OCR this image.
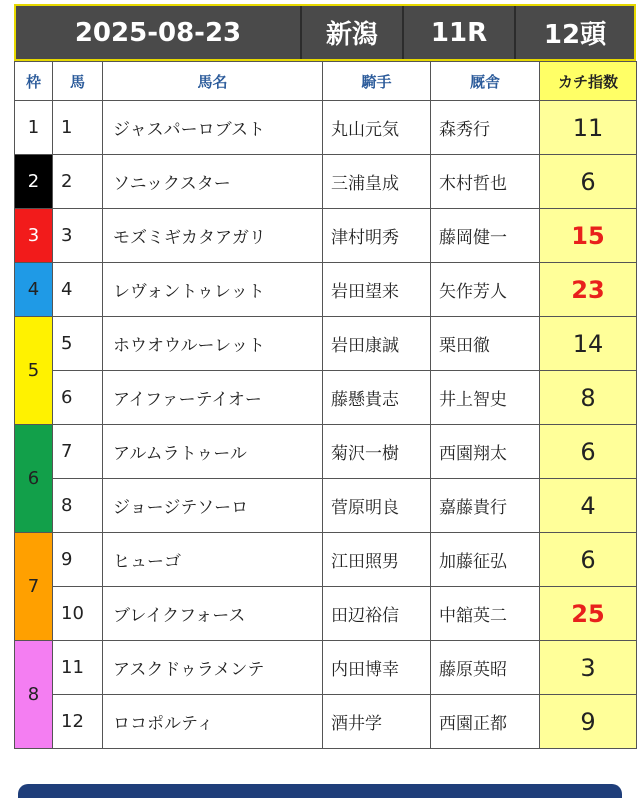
2025-08-23	新潟	11R	12頭
枠	馬	馬名	騎手	厩舎	カチ指数
1	1	ジャスパーロブスト	丸山元気	森秀行	11
2	2	ソニックスター	三浦皇成	木村哲也	6
3	3	モズミギカタアガリ	津村明秀	藤岡健一	15
4	4	レヴォントゥレット	岩田望来	矢作芳人	23
5	5	ホウオウルーレット	岩田康誠	栗田徹	14
	6	アイファーテイオー	藤懸貴志	井上智史	8
6	7	アルムラトゥール	菊沢一樹	西園翔太	6
	8	ジョージテソーロ	菅原明良	嘉藤貴行	4
7	9	ヒューゴ	江田照男	加藤征弘	6
	10	ブレイクフォース	田辺裕信	中舘英二	25
8	11	アスクドゥラメンテ	内田博幸	藤原英昭	3
	12	ロコポルティ	酒井学	西園正都	9
